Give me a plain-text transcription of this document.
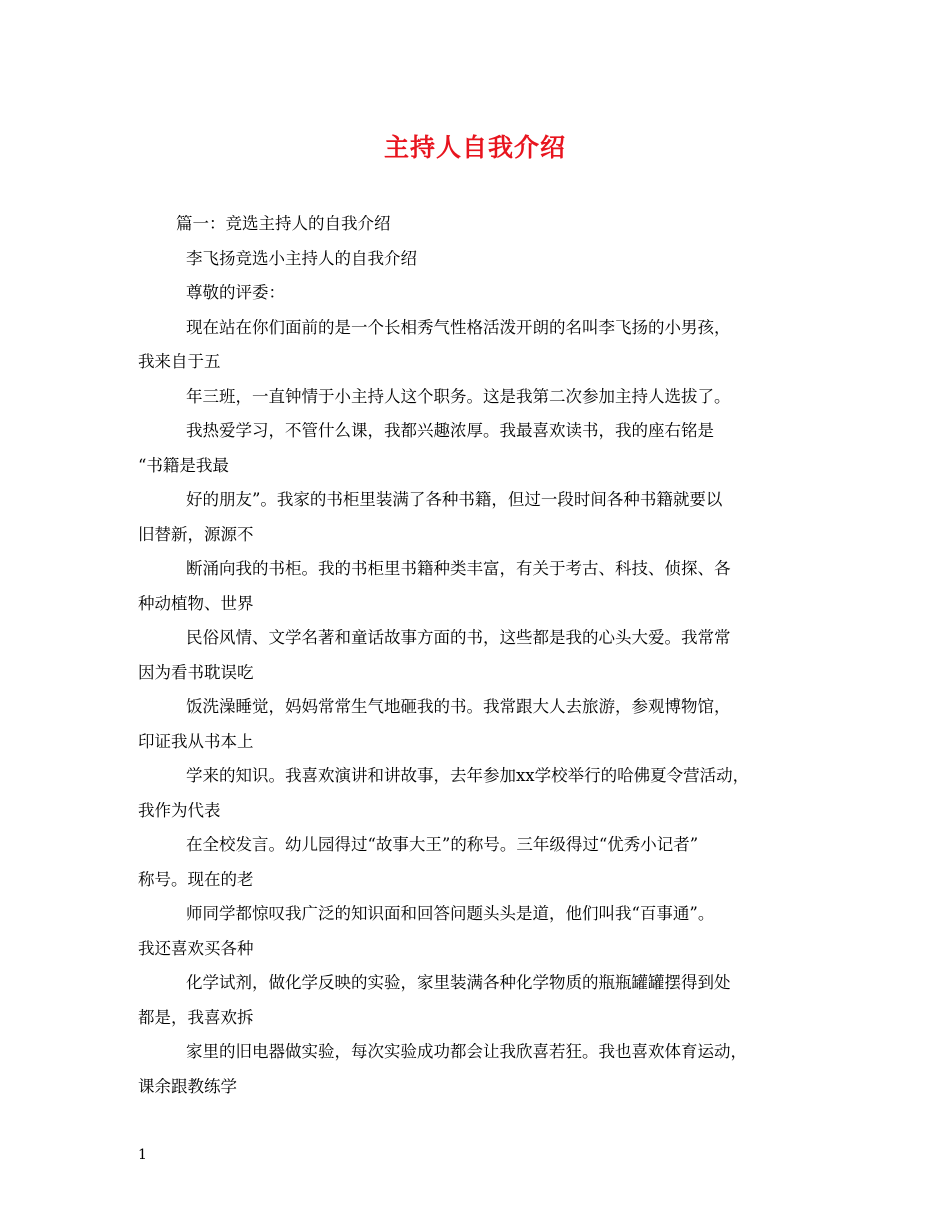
主持人自我介绍
篇一：竞选主持人的自我介绍
李飞扬竞选小主持人的自我介绍
尊敬的评委：
现在站在你们面前的是一个长相秀气性格活泼开朗的名叫李飞扬的小男孩，
我来自于五
年三班，一直钟情于小主持人这个职务。这是我第二次参加主持人选拔了。
我热爱学习，不管什么课，我都兴趣浓厚。我最喜欢读书，我的座右铭是
“书籍是我最
好的朋友”。我家的书柜里装满了各种书籍，但过一段时间各种书籍就要以
旧替新，源源不
断涌向我的书柜。我的书柜里书籍种类丰富，有关于考古、科技、侦探、各
种动植物、世界
民俗风情、文学名著和童话故事方面的书，这些都是我的心头大爱。我常常
因为看书耽误吃
饭洗澡睡觉，妈妈常常生气地砸我的书。我常跟大人去旅游，参观博物馆，
印证我从书本上
学来的知识。我喜欢演讲和讲故事，去年参加xx学校举行的哈佛夏令营活动，
我作为代表
在全校发言。幼儿园得过“故事大王”的称号。三年级得过“优秀小记者”
称号。现在的老
师同学都惊叹我广泛的知识面和回答问题头头是道，他们叫我“百事通”。
我还喜欢买各种
化学试剂，做化学反映的实验，家里装满各种化学物质的瓶瓶罐罐摆得到处
都是，我喜欢拆
家里的旧电器做实验，每次实验成功都会让我欣喜若狂。我也喜欢体育运动，
课余跟教练学
1
